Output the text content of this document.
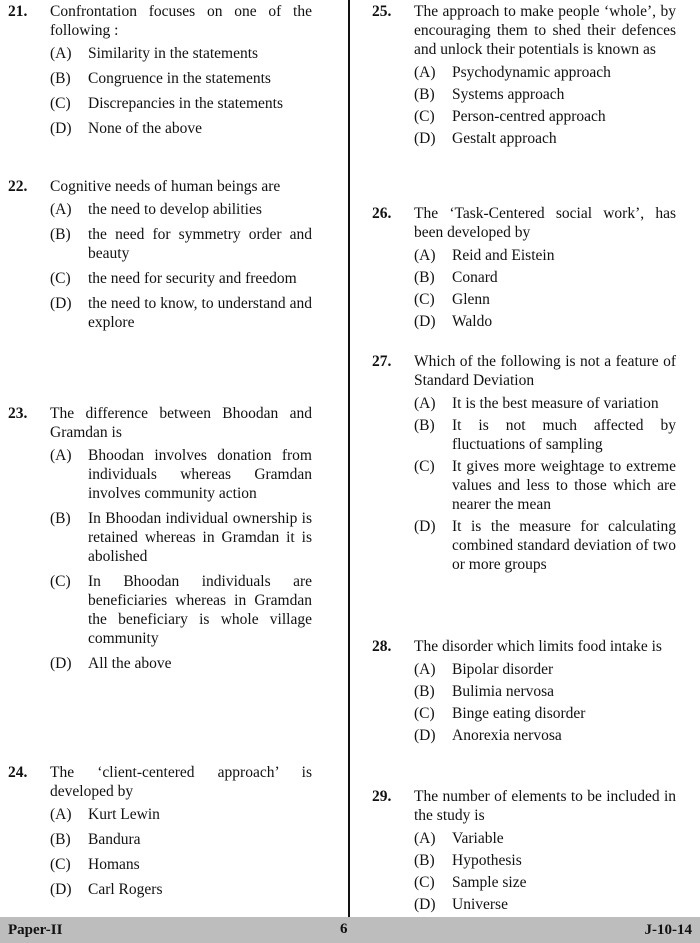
21.	Confrontation focuses on one of the following :
(A)	Similarity in the statements
(B)	Congruence in the statements
(C)	Discrepancies in the statements
(D)	None of the above
22.	Cognitive needs of human beings are
(A)	the need to develop abilities
(B)	the need for symmetry order and beauty
(C)	the need for security and freedom
(D)	the need to know, to understand and explore
23.	The difference between Bhoodan and Gramdan is
(A)	Bhoodan involves donation from individuals whereas Gramdan involves community action
(B)	In Bhoodan individual ownership is retained whereas in Gramdan it is abolished
(C)	In Bhoodan individuals are beneficiaries whereas in Gramdan the beneficiary is whole village community
(D)	All the above
24.	The ‘client-centered approach’ is developed by
(A)	Kurt Lewin
(B)	Bandura
(C)	Homans
(D)	Carl Rogers
25.	The approach to make people ‘whole’, by encouraging them to shed their defences and unlock their potentials is known as
(A)	Psychodynamic approach
(B)	Systems approach
(C)	Person-centred approach
(D)	Gestalt approach
26.	The ‘Task-Centered social work’, has been developed by
(A)	Reid and Eistein
(B)	Conard
(C)	Glenn
(D)	Waldo
27.	Which of the following is not a feature of Standard Deviation
(A)	It is the best measure of variation
(B)	It is not much affected by fluctuations of sampling
(C)	It gives more weightage to extreme values and less to those which are nearer the mean
(D)	It is the measure for calculating combined standard deviation of two or more groups
28.	The disorder which limits food intake is
(A)	Bipolar disorder
(B)	Bulimia nervosa
(C)	Binge eating disorder
(D)	Anorexia nervosa
29.	The number of elements to be included in the study is
(A)	Variable
(B)	Hypothesis
(C)	Sample size
(D)	Universe
Paper-II	6	J-10-14
